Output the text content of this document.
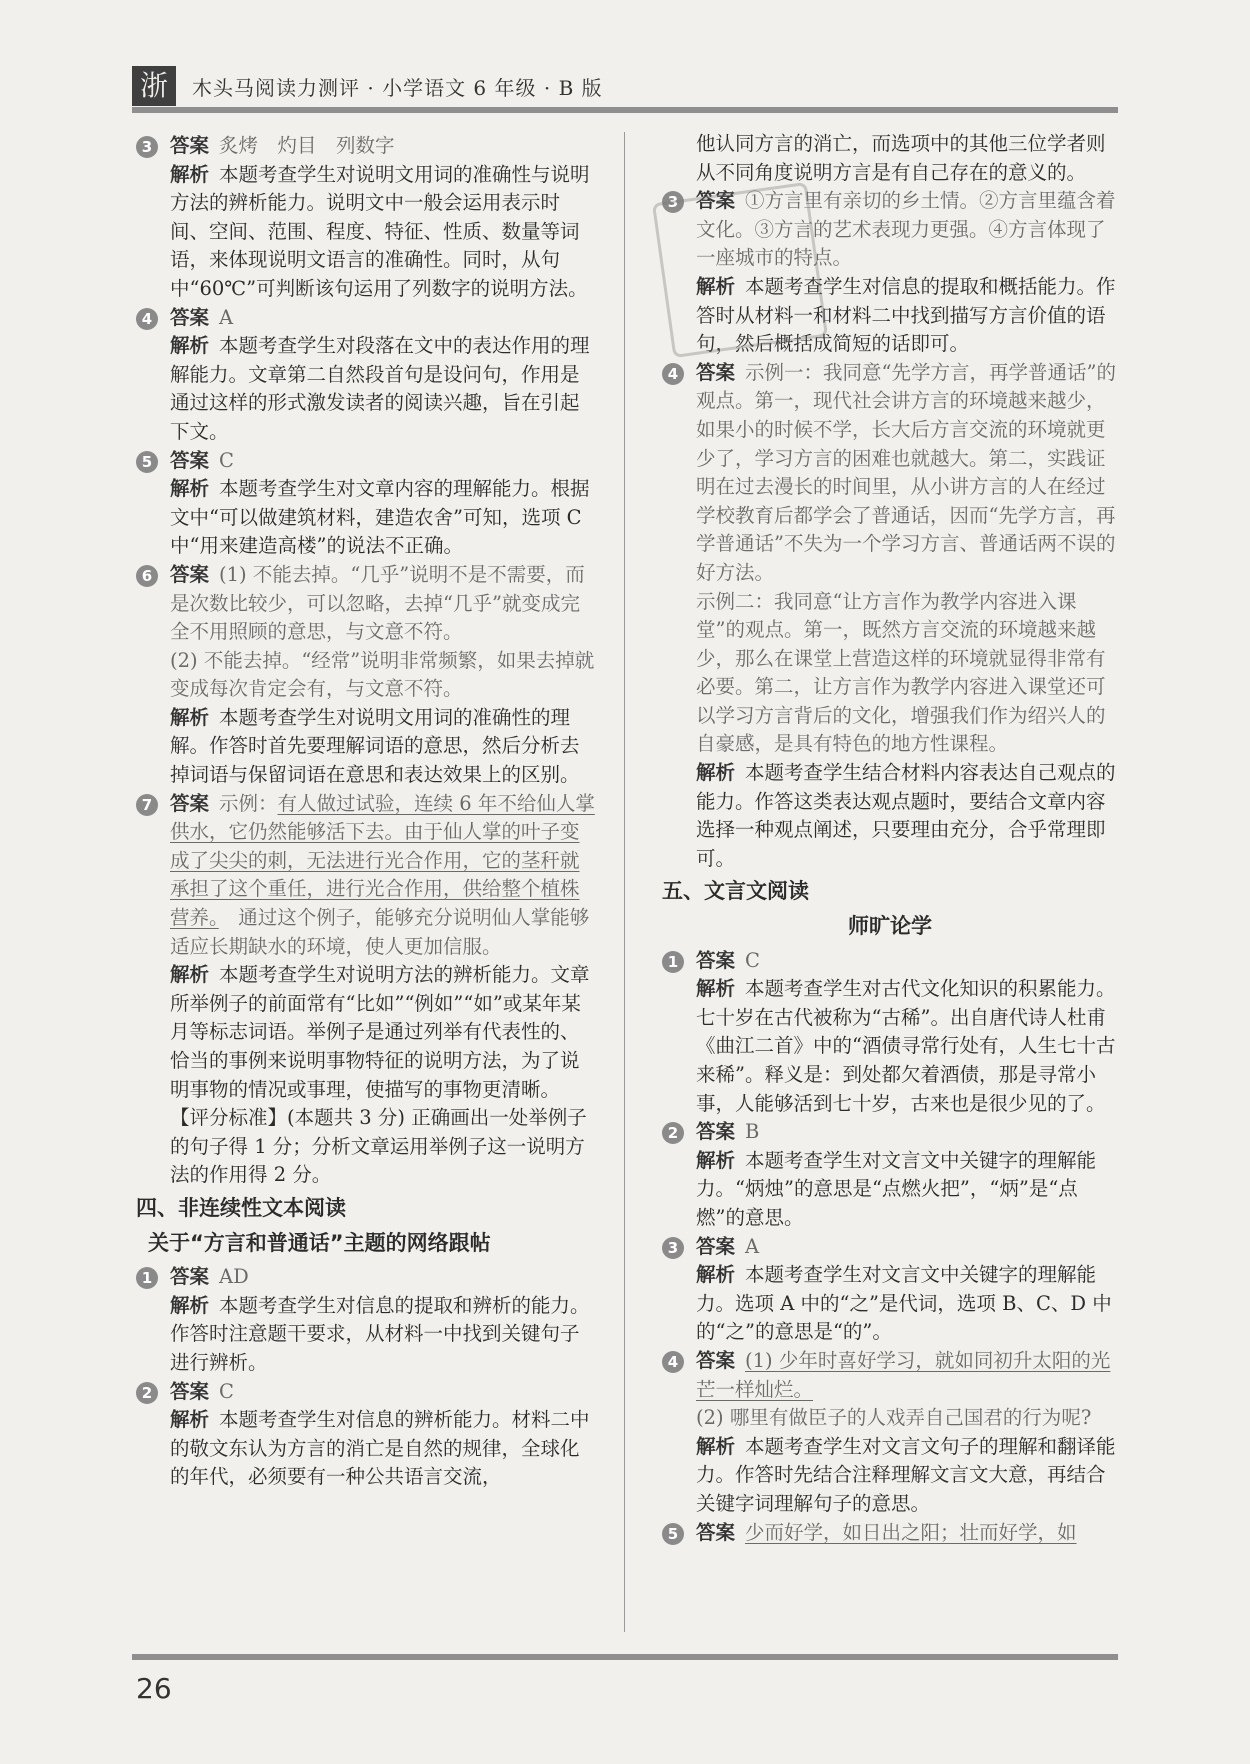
浙	木头马阅读力测评 · 小学语文 6 年级 · B 版
3 答案 炙烤　灼目　列数字

解析 本题考查学生对说明文用词的准确性与说明方法的辨析能力。说明文中一般会运用表示时间、空间、范围、程度、特征、性质、数量等词语，来体现说明文语言的准确性。同时，从句中“60℃”可判断该句运用了列数字的说明方法。

4 答案 A

解析 本题考查学生对段落在文中的表达作用的理解能力。文章第二自然段首句是设问句，作用是通过这样的形式激发读者的阅读兴趣，旨在引起下文。

5 答案 C

解析 本题考查学生对文章内容的理解能力。根据文中“可以做建筑材料，建造农舍”可知，选项 C 中“用来建造高楼”的说法不正确。

6 答案 (1) 不能去掉。“几乎”说明不是不需要，而是次数比较少，可以忽略，去掉“几乎”就变成完全不用照顾的意思，与文意不符。

(2) 不能去掉。“经常”说明非常频繁，如果去掉就变成每次肯定会有，与文意不符。

解析 本题考查学生对说明文用词的准确性的理解。作答时首先要理解词语的意思，然后分析去掉词语与保留词语在意思和表达效果上的区别。

7 答案 示例：有人做过试验，连续 6 年不给仙人掌供水，它仍然能够活下去。由于仙人掌的叶子变成了尖尖的刺，无法进行光合作用，它的茎秆就承担了这个重任，进行光合作用，供给整个植株营养。　 通过这个例子，能够充分说明仙人掌能够适应长期缺水的环境，使人更加信服。

解析 本题考查学生对说明方法的辨析能力。文章所举例子的前面常有“比如”“例如”“如”或某年某月等标志词语。举例子是通过列举有代表性的、恰当的事例来说明事物特征的说明方法，为了说明事物的情况或事理，使描写的事物更清晰。

【评分标准】(本题共 3 分) 正确画出一处举例子的句子得 1 分；分析文章运用举例子这一说明方法的作用得 2 分。

四、非连续性文本阅读
关于“方言和普通话”主题的网络跟帖
1 答案 AD

解析 本题考查学生对信息的提取和辨析的能力。作答时注意题干要求，从材料一中找到关键句子进行辨析。

2 答案 C

解析 本题考查学生对信息的辨析能力。材料二中的敬文东认为方言的消亡是自然的规律，全球化的年代，必须要有一种公共语言交流，

他认同方言的消亡，而选项中的其他三位学者则从不同角度说明方言是有自己存在的意义的。

3 答案 ①方言里有亲切的乡土情。②方言里蕴含着文化。③方言的艺术表现力更强。④方言体现了一座城市的特点。

解析 本题考查学生对信息的提取和概括能力。作答时从材料一和材料二中找到描写方言价值的语句，然后概括成简短的话即可。

4 答案 示例一：我同意“先学方言，再学普通话”的观点。第一，现代社会讲方言的环境越来越少，如果小的时候不学，长大后方言交流的环境就更少了，学习方言的困难也就越大。第二，实践证明在过去漫长的时间里，从小讲方言的人在经过学校教育后都学会了普通话，因而“先学方言，再学普通话”不失为一个学习方言、普通话两不误的好方法。

示例二：我同意“让方言作为教学内容进入课堂”的观点。第一，既然方言交流的环境越来越少，那么在课堂上营造这样的环境就显得非常有必要。第二，让方言作为教学内容进入课堂还可以学习方言背后的文化，增强我们作为绍兴人的自豪感，是具有特色的地方性课程。

解析 本题考查学生结合材料内容表达自己观点的能力。作答这类表达观点题时，要结合文章内容选择一种观点阐述，只要理由充分，合乎常理即可。

五、文言文阅读
师旷论学
1 答案 C

解析 本题考查学生对古代文化知识的积累能力。七十岁在古代被称为“古稀”。出自唐代诗人杜甫《曲江二首》中的“酒债寻常行处有，人生七十古来稀”。释义是：到处都欠着酒债，那是寻常小事，人能够活到七十岁，古来也是很少见的了。

2 答案 B

解析 本题考查学生对文言文中关键字的理解能力。“炳烛”的意思是“点燃火把”，“炳”是“点燃”的意思。

3 答案 A

解析 本题考查学生对文言文中关键字的理解能力。选项 A 中的“之”是代词，选项 B、C、D 中的“之”的意思是“的”。

4 答案 (1) 少年时喜好学习，就如同初升太阳的光芒一样灿烂。

(2) 哪里有做臣子的人戏弄自己国君的行为呢?

解析 本题考查学生对文言文句子的理解和翻译能力。作答时先结合注释理解文言文大意，再结合关键字词理解句子的意思。

5 答案 少而好学，如日出之阳；壮而好学，如

26
